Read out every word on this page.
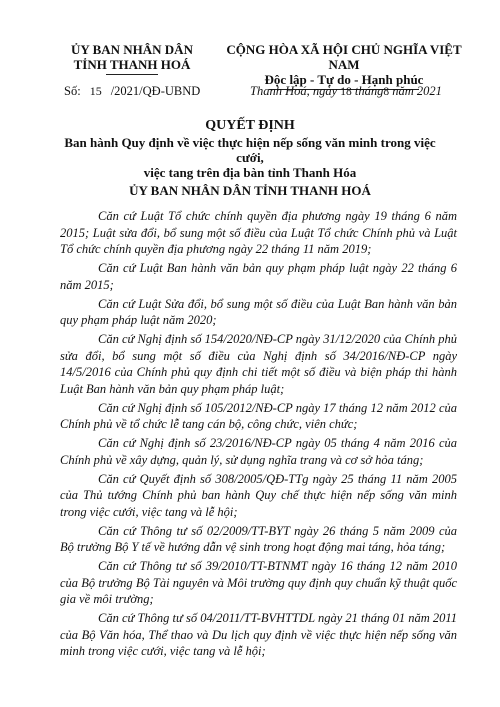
ỦY BAN NHÂN DÂN
TỈNH THANH HOÁ
CỘNG HÒA XÃ HỘI CHỦ NGHĨA VIỆT NAM
Độc lập - Tự do - Hạnh phúc
Số: 15 /2021/QĐ-UBND	Thanh Hoá, ngày 18 tháng8 năm 2021
QUYẾT ĐỊNH
Ban hành Quy định về việc thực hiện nếp sống văn minh trong việc cưới,
việc tang trên địa bàn tỉnh Thanh Hóa
ỦY BAN NHÂN DÂN TỈNH THANH HOÁ

Căn cứ Luật Tổ chức chính quyền địa phương ngày 19 tháng 6 năm 2015; Luật sửa đổi, bổ sung một số điều của Luật Tổ chức Chính phủ và Luật Tổ chức chính quyền địa phương ngày 22 tháng 11 năm 2019;

Căn cứ Luật Ban hành văn bản quy phạm pháp luật ngày 22 tháng 6 năm 2015;

Căn cứ Luật Sửa đổi, bổ sung một số điều của Luật Ban hành văn bản quy phạm pháp luật năm 2020;

Căn cứ Nghị định số 154/2020/NĐ-CP ngày 31/12/2020 của Chính phủ sửa đổi, bổ sung một số điều của Nghị định số 34/2016/NĐ-CP ngày 14/5/2016 của Chính phủ quy định chi tiết một số điều và biện pháp thi hành Luật Ban hành văn bản quy phạm pháp luật;

Căn cứ Nghị định số 105/2012/NĐ-CP ngày 17 tháng 12 năm 2012 của Chính phủ về tổ chức lễ tang cán bộ, công chức, viên chức;

Căn cứ Nghị định số 23/2016/NĐ-CP ngày 05 tháng 4 năm 2016 của Chính phủ về xây dựng, quản lý, sử dụng nghĩa trang và cơ sở hỏa táng;

Căn cứ Quyết định số 308/2005/QĐ-TTg ngày 25 tháng 11 năm 2005 của Thủ tướng Chính phủ ban hành Quy chế thực hiện nếp sống văn minh trong việc cưới, việc tang và lễ hội;

Căn cứ Thông tư số 02/2009/TT-BYT ngày 26 tháng 5 năm 2009 của Bộ trưởng Bộ Y tế về hướng dẫn vệ sinh trong hoạt động mai táng, hỏa táng;

Căn cứ Thông tư số 39/2010/TT-BTNMT ngày 16 tháng 12 năm 2010 của Bộ trưởng Bộ Tài nguyên và Môi trường quy định quy chuẩn kỹ thuật quốc gia về môi trường;

Căn cứ Thông tư số 04/2011/TT-BVHTTDL ngày 21 tháng 01 năm 2011 của Bộ Văn hóa, Thể thao và Du lịch quy định về việc thực hiện nếp sống văn minh trong việc cưới, việc tang và lễ hội;
